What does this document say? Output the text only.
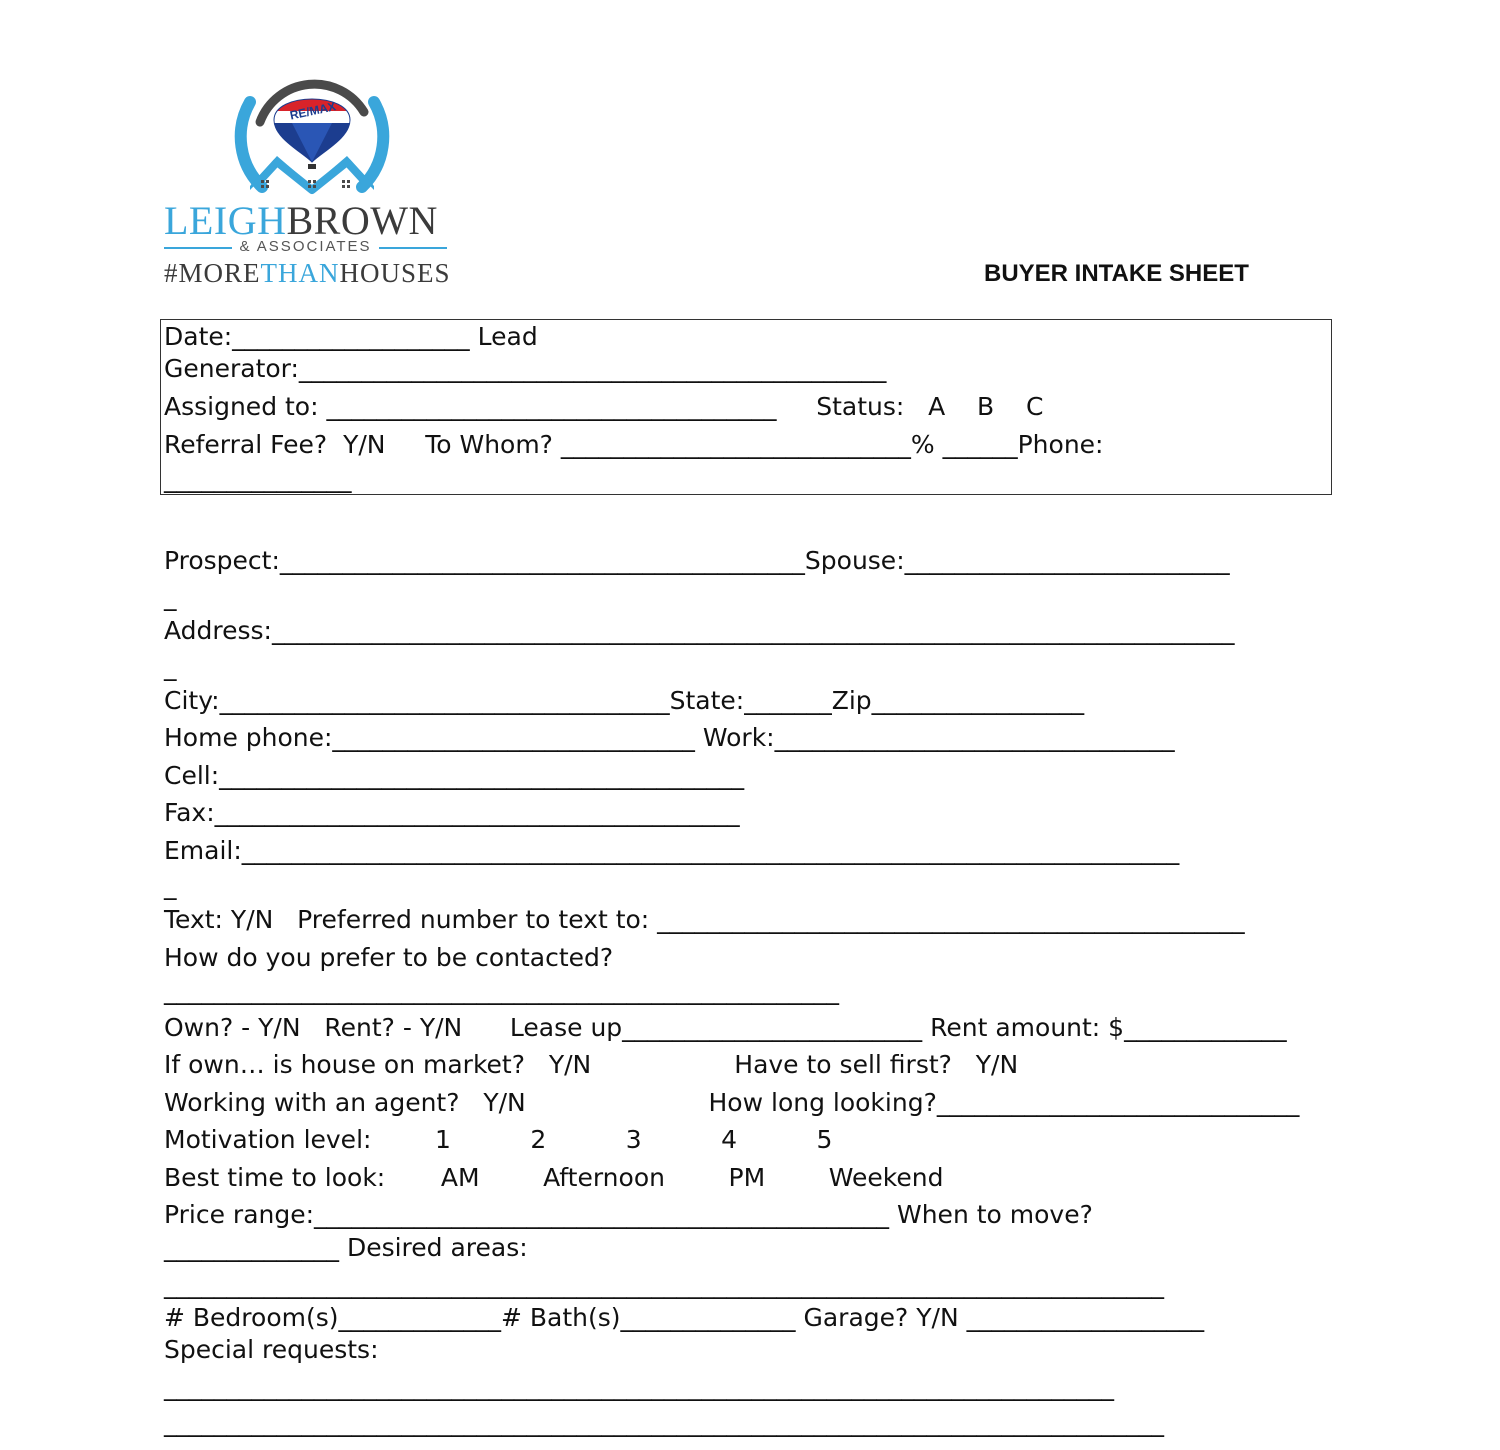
RE/MAX
LEIGHBROWN
& ASSOCIATES
#MORETHANHOUSES	BUYER INTAKE SHEET
Date:___________________ Lead
Generator:_______________________________________________
Assigned to: ____________________________________     Status:   A    B    C
Referral Fee?  Y/N     To Whom? ____________________________% ______Phone:
_______________
Prospect:__________________________________________Spouse:__________________________
_
Address:_____________________________________________________________________________
_
City:____________________________________State:_______Zip_________________
Home phone:_____________________________ Work:________________________________
Cell:__________________________________________
Fax:__________________________________________
Email:___________________________________________________________________________
_
Text: Y/N   Preferred number to text to: _______________________________________________
How do you prefer to be contacted?
______________________________________________________
Own? - Y/N   Rent? - Y/N      Lease up________________________ Rent amount: $_____________
If own… is house on market?   Y/N                  Have to sell first?   Y/N
Working with an agent?   Y/N                       How long looking?_____________________________
Motivation level:        1          2          3          4          5
Best time to look:       AM        Afternoon        PM        Weekend
Price range:______________________________________________ When to move?
______________ Desired areas:
________________________________________________________________________________
# Bedroom(s)_____________# Bath(s)______________ Garage? Y/N ___________________
Special requests:
____________________________________________________________________________
________________________________________________________________________________
